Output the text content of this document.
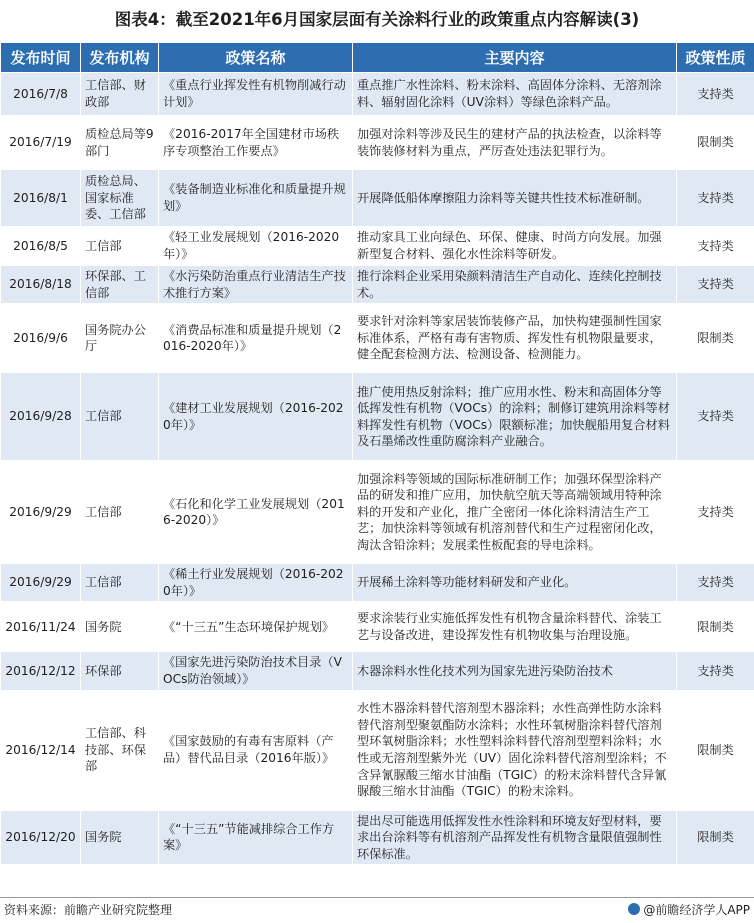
图表4：截至2021年6月国家层面有关涂料行业的政策重点内容解读(3)
发布时间	发布机构	政策名称	主要内容	政策性质
2016/7/8	工信部、财政部	《重点行业挥发性有机物削减行动计划》	重点推广水性涂料、粉末涂料、高固体分涂料、无溶剂涂料、辐射固化涂料（UV涂料）等绿色涂料产品。	支持类
2016/7/19	质检总局等9部门	《2016-2017年全国建材市场秩序专项整治工作要点》	加强对涂料等涉及民生的建材产品的执法检查，以涂料等装饰装修材料为重点，严厉查处违法犯罪行为。	限制类
2016/8/1	质检总局、国家标准委、工信部	《装备制造业标准化和质量提升规划》	开展降低船体摩擦阻力涂料等关键共性技术标准研制。	支持类
2016/8/5	工信部	《轻工业发展规划（2016-2020年）》	推动家具工业向绿色、环保、健康、时尚方向发展。加强新型复合材料、强化水性涂料等研发。	支持类
2016/8/18	环保部、工信部	《水污染防治重点行业清洁生产技术推行方案》	推行涂料企业采用染颜料清洁生产自动化、连续化控制技术。	支持类
2016/9/6	国务院办公厅	《消费品标准和质量提升规划（2016-2020年）》	要求针对涂料等家居装饰装修产品，加快构建强制性国家标准体系，严格有毒有害物质、挥发性有机物限量要求，健全配套检测方法、检测设备、检测能力。	限制类
2016/9/28	工信部	《建材工业发展规划（2016-2020年）》	推广使用热反射涂料；推广应用水性、粉末和高固体分等低挥发性有机物（VOCs）的涂料；制修订建筑用涂料等材料挥发性有机物（VOCs）限额标准；加快舰船用复合材料及石墨烯改性重防腐涂料产业融合。	支持类
2016/9/29	工信部	《石化和化学工业发展规划（2016-2020）》	加强涂料等领域的国际标准研制工作；加强环保型涂料产品的研发和推广应用，加快航空航天等高端领域用特种涂料的开发和产业化，推广全密闭一体化涂料清洁生产工艺；加快涂料等领域有机溶剂替代和生产过程密闭化改，淘汰含铅涂料；发展柔性板配套的导电涂料。	支持类
2016/9/29	工信部	《稀土行业发展规划（2016-2020年）》	开展稀土涂料等功能材料研发和产业化。	支持类
2016/11/24	国务院	《“十三五”生态环境保护规划》	要求涂装行业实施低挥发性有机物含量涂料替代、涂装工艺与设备改进，建设挥发性有机物收集与治理设施。	限制类
2016/12/12	环保部	《国家先进污染防治技术目录（VOCs防治领域）》	木器涂料水性化技术列为国家先进污染防治技术	支持类
2016/12/14	工信部、科技部、环保部	《国家鼓励的有毒有害原料（产品）替代品目录（2016年版）》	水性木器涂料替代溶剂型木器涂料；水性高弹性防水涂料替代溶剂型聚氨酯防水涂料；水性环氧树脂涂料替代溶剂型环氧树脂涂料；水性塑料涂料替代溶剂型塑料涂料；水性或无溶剂型紫外光（UV）固化涂料替代溶剂型涂料；不含异氰脲酸三缩水甘油酯（TGIC）的粉末涂料替代含异氰脲酸三缩水甘油酯（TGIC）的粉末涂料。	限制类
2016/12/20	国务院	《“十三五”节能减排综合工作方案》	提出尽可能选用低挥发性水性涂料和环境友好型材料，要求出台涂料等有机溶剂产品挥发性有机物含量限值强制性环保标准。	限制类
资料来源：前瞻产业研究院整理	@前瞻经济学人APP
